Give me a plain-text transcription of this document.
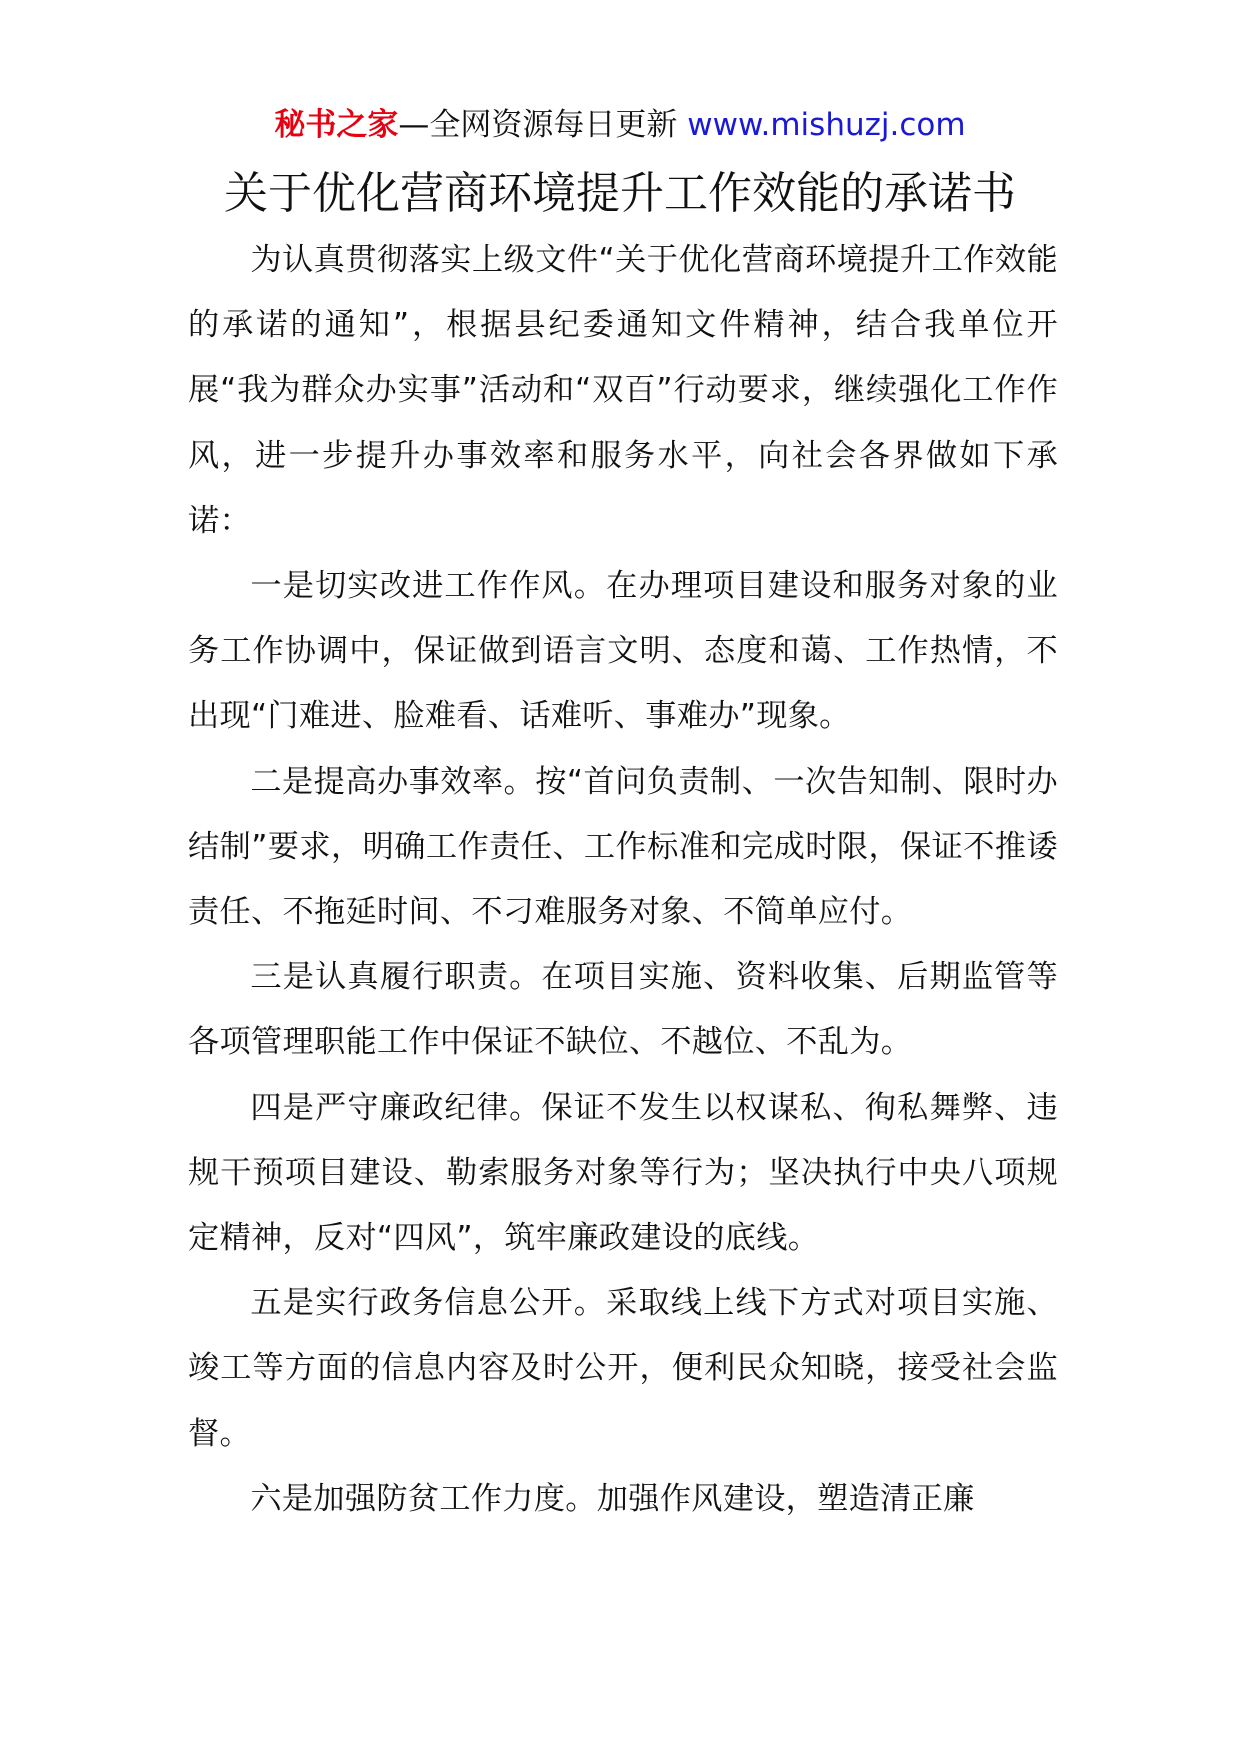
秘书之家—全网资源每日更新 www.mishuzj.com
关于优化营商环境提升工作效能的承诺书

为认真贯彻落实上级文件“关于优化营商环境提升工作效能的承诺的通知”，根据县纪委通知文件精神，结合我单位开展“我为群众办实事”活动和“双百”行动要求，继续强化工作作风，进一步提升办事效率和服务水平，向社会各界做如下承诺：

一是切实改进工作作风。在办理项目建设和服务对象的业务工作协调中，保证做到语言文明、态度和蔼、工作热情，不出现“门难进、脸难看、话难听、事难办”现象。

二是提高办事效率。按“首问负责制、一次告知制、限时办结制”要求，明确工作责任、工作标准和完成时限，保证不推诿责任、不拖延时间、不刁难服务对象、不简单应付。

三是认真履行职责。在项目实施、资料收集、后期监管等各项管理职能工作中保证不缺位、不越位、不乱为。

四是严守廉政纪律。保证不发生以权谋私、徇私舞弊、违规干预项目建设、勒索服务对象等行为；坚决执行中央八项规定精神，反对“四风”，筑牢廉政建设的底线。

五是实行政务信息公开。采取线上线下方式对项目实施、竣工等方面的信息内容及时公开，便利民众知晓，接受社会监督。

六是加强防贫工作力度。加强作风建设，塑造清正廉
